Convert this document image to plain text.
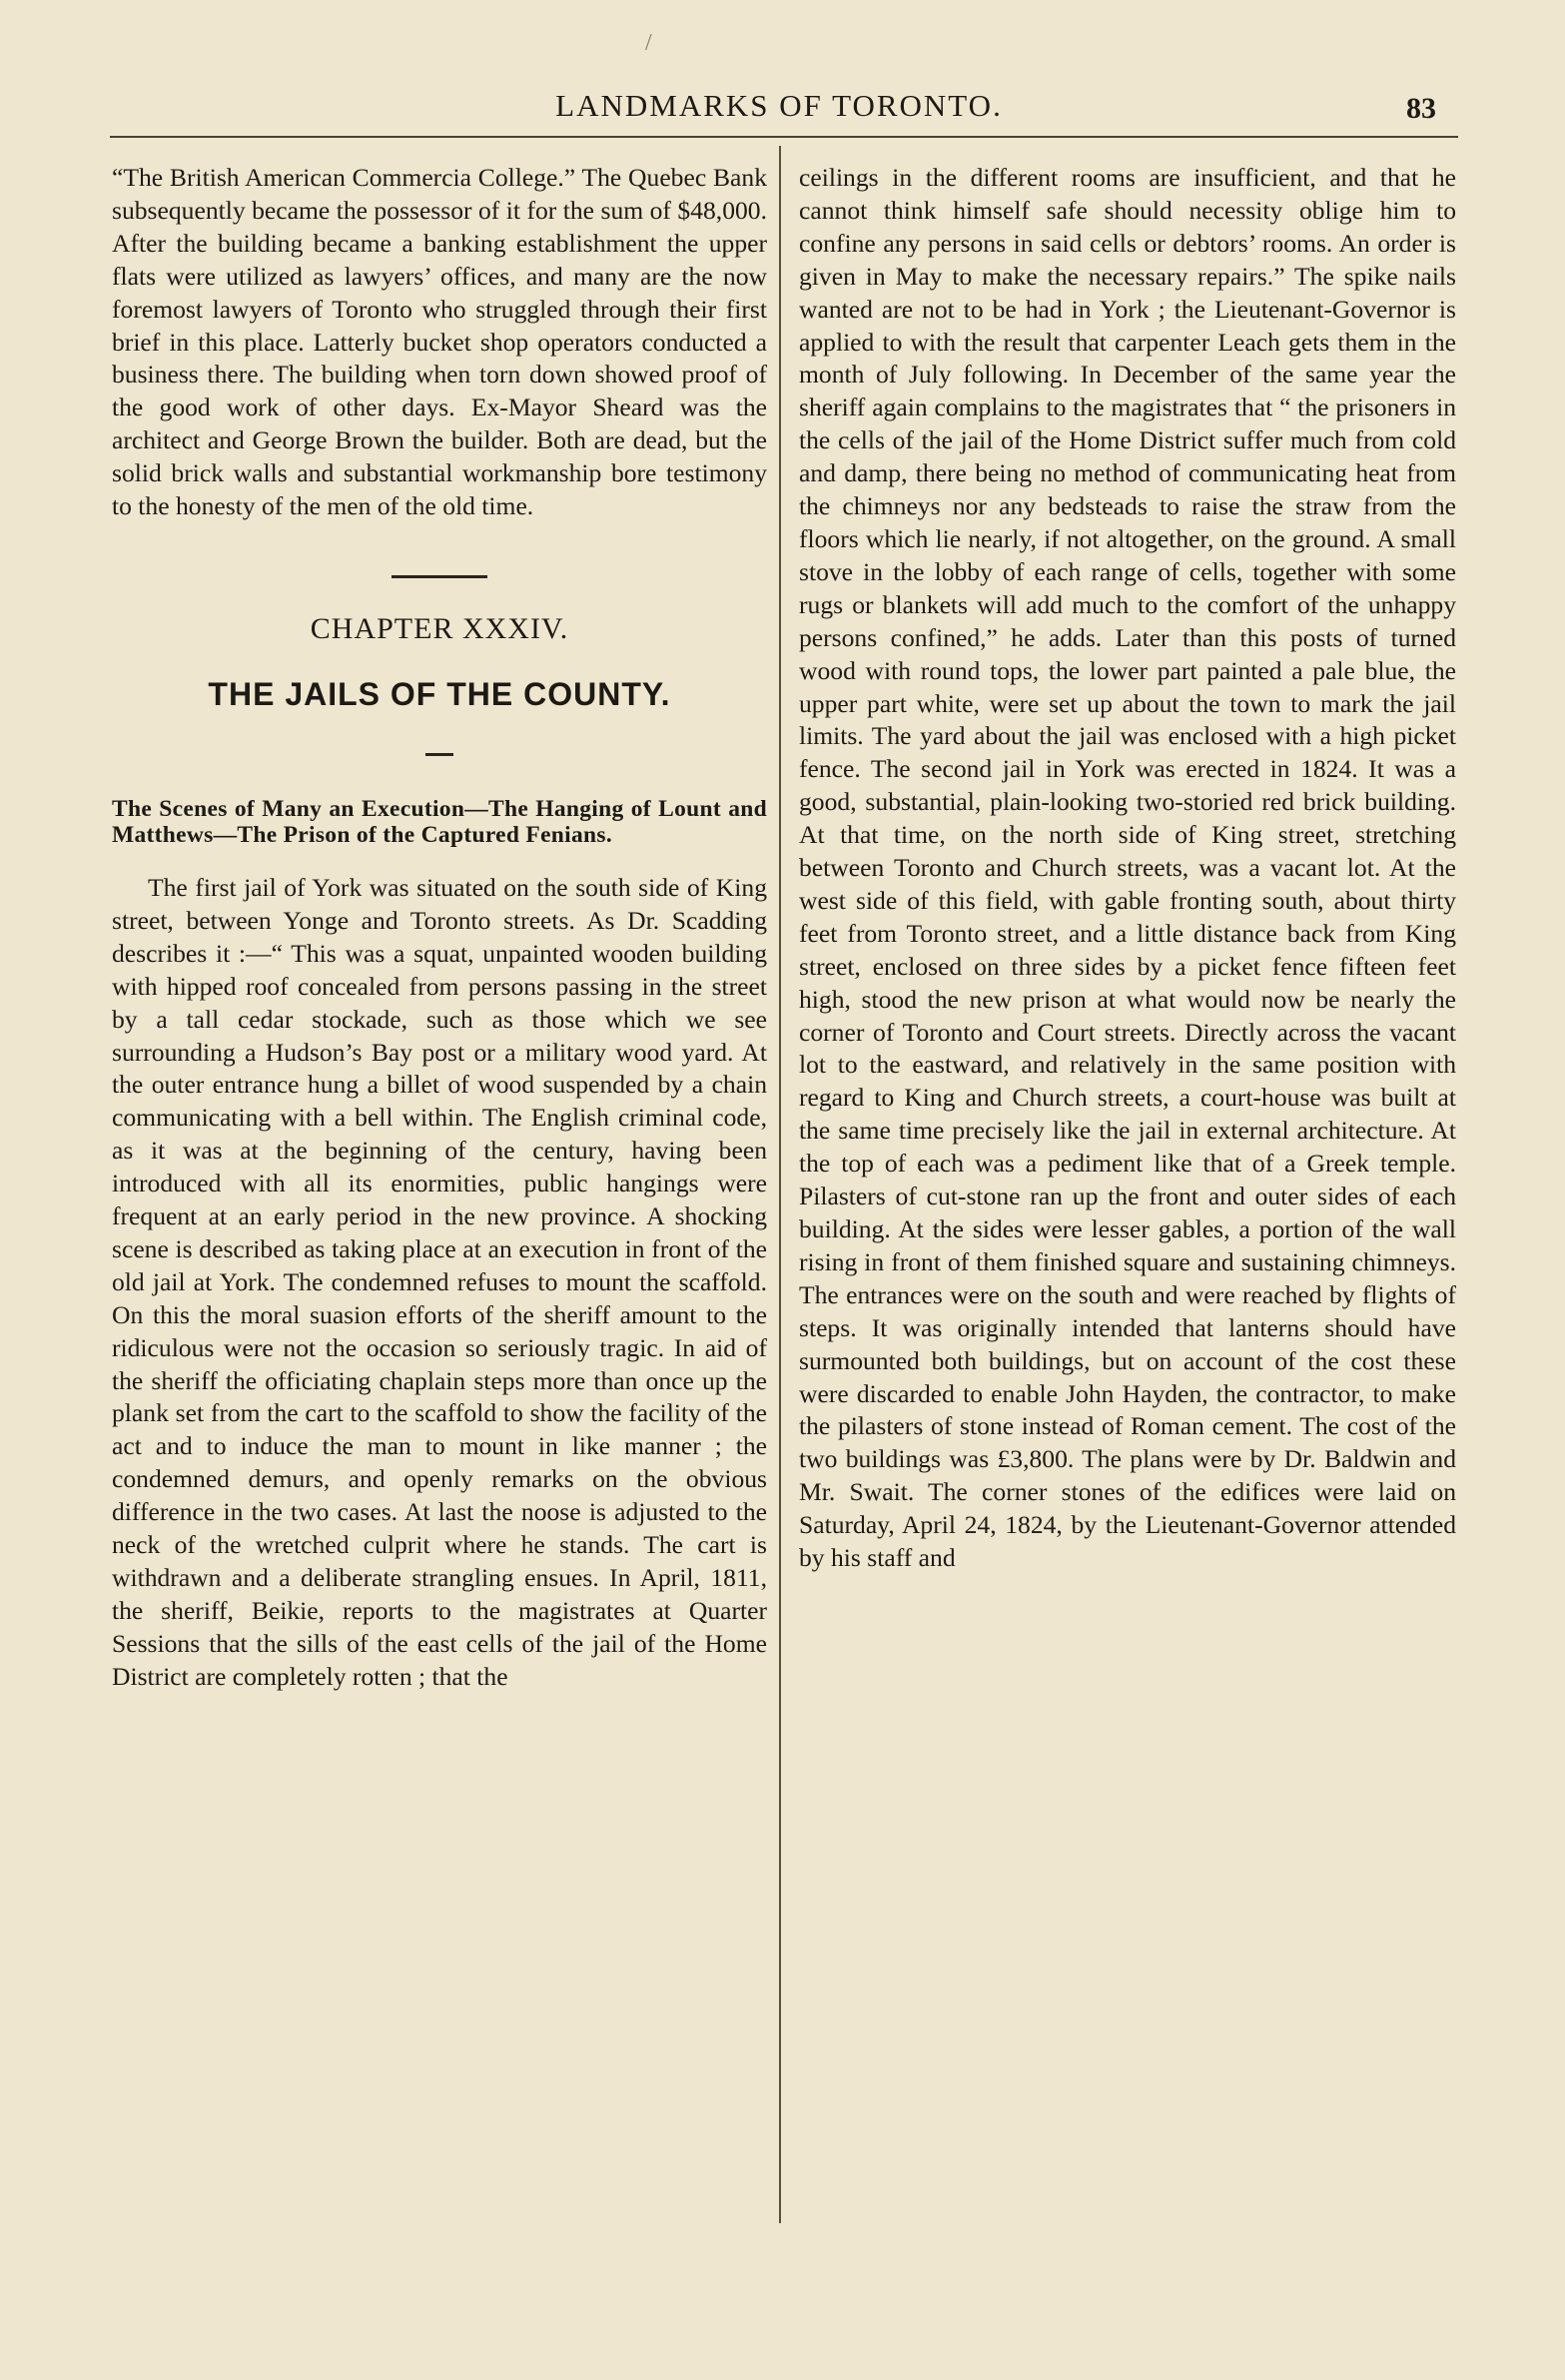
/
LANDMARKS OF TORONTO.	83

“The British American Commercia College.” The Quebec Bank subsequently became the possessor of it for the sum of $48,000. After the building became a banking establishment the upper flats were utilized as lawyers’ offices, and many are the now foremost lawyers of Toronto who struggled through their first brief in this place. Latterly bucket shop operators conducted a business there. The building when torn down showed proof of the good work of other days. Ex-Mayor Sheard was the architect and George Brown the builder. Both are dead, but the solid brick walls and substantial workmanship bore testimony to the honesty of the men of the old time.

CHAPTER XXXIV.

THE JAILS OF THE COUNTY.

The Scenes of Many an Execution—The Hanging of Lount and Matthews—The Prison of the Captured Fenians.

The first jail of York was situated on the south side of King street, between Yonge and Toronto streets. As Dr. Scadding describes it :—“ This was a squat, unpainted wooden building with hipped roof concealed from persons passing in the street by a tall cedar stockade, such as those which we see surrounding a Hudson’s Bay post or a military wood yard. At the outer entrance hung a billet of wood suspended by a chain communicating with a bell within. The English criminal code, as it was at the beginning of the century, having been introduced with all its enormities, public hangings were frequent at an early period in the new province. A shocking scene is described as taking place at an execution in front of the old jail at York. The condemned refuses to mount the scaffold. On this the moral suasion efforts of the sheriff amount to the ridiculous were not the occasion so seriously tragic. In aid of the sheriff the officiating chaplain steps more than once up the plank set from the cart to the scaffold to show the facility of the act and to induce the man to mount in like manner ; the condemned demurs, and openly remarks on the obvious difference in the two cases. At last the noose is adjusted to the neck of the wretched culprit where he stands. The cart is withdrawn and a deliberate strangling ensues. In April, 1811, the sheriff, Beikie, reports to the magistrates at Quarter Sessions that the sills of the east cells of the jail of the Home District are completely rotten ; that the

ceilings in the different rooms are insufficient, and that he cannot think himself safe should necessity oblige him to confine any persons in said cells or debtors’ rooms. An order is given in May to make the necessary repairs.” The spike nails wanted are not to be had in York ; the Lieutenant-Governor is applied to with the result that carpenter Leach gets them in the month of July following. In December of the same year the sheriff again complains to the magistrates that “ the prisoners in the cells of the jail of the Home District suffer much from cold and damp, there being no method of communicating heat from the chimneys nor any bedsteads to raise the straw from the floors which lie nearly, if not altogether, on the ground. A small stove in the lobby of each range of cells, together with some rugs or blankets will add much to the comfort of the unhappy persons confined,” he adds. Later than this posts of turned wood with round tops, the lower part painted a pale blue, the upper part white, were set up about the town to mark the jail limits. The yard about the jail was enclosed with a high picket fence. The second jail in York was erected in 1824. It was a good, substantial, plain-looking two-storied red brick building. At that time, on the north side of King street, stretching between Toronto and Church streets, was a vacant lot. At the west side of this field, with gable fronting south, about thirty feet from Toronto street, and a little distance back from King street, enclosed on three sides by a picket fence fifteen feet high, stood the new prison at what would now be nearly the corner of Toronto and Court streets. Directly across the vacant lot to the eastward, and relatively in the same position with regard to King and Church streets, a court-house was built at the same time precisely like the jail in external architecture. At the top of each was a pediment like that of a Greek temple. Pilasters of cut-stone ran up the front and outer sides of each building. At the sides were lesser gables, a portion of the wall rising in front of them finished square and sustaining chimneys. The entrances were on the south and were reached by flights of steps. It was originally intended that lanterns should have surmounted both buildings, but on account of the cost these were discarded to enable John Hayden, the contractor, to make the pilasters of stone instead of Roman cement. The cost of the two buildings was £3,800. The plans were by Dr. Baldwin and Mr. Swait. The corner stones of the edifices were laid on Saturday, April 24, 1824, by the Lieutenant-Governor attended by his staff and
